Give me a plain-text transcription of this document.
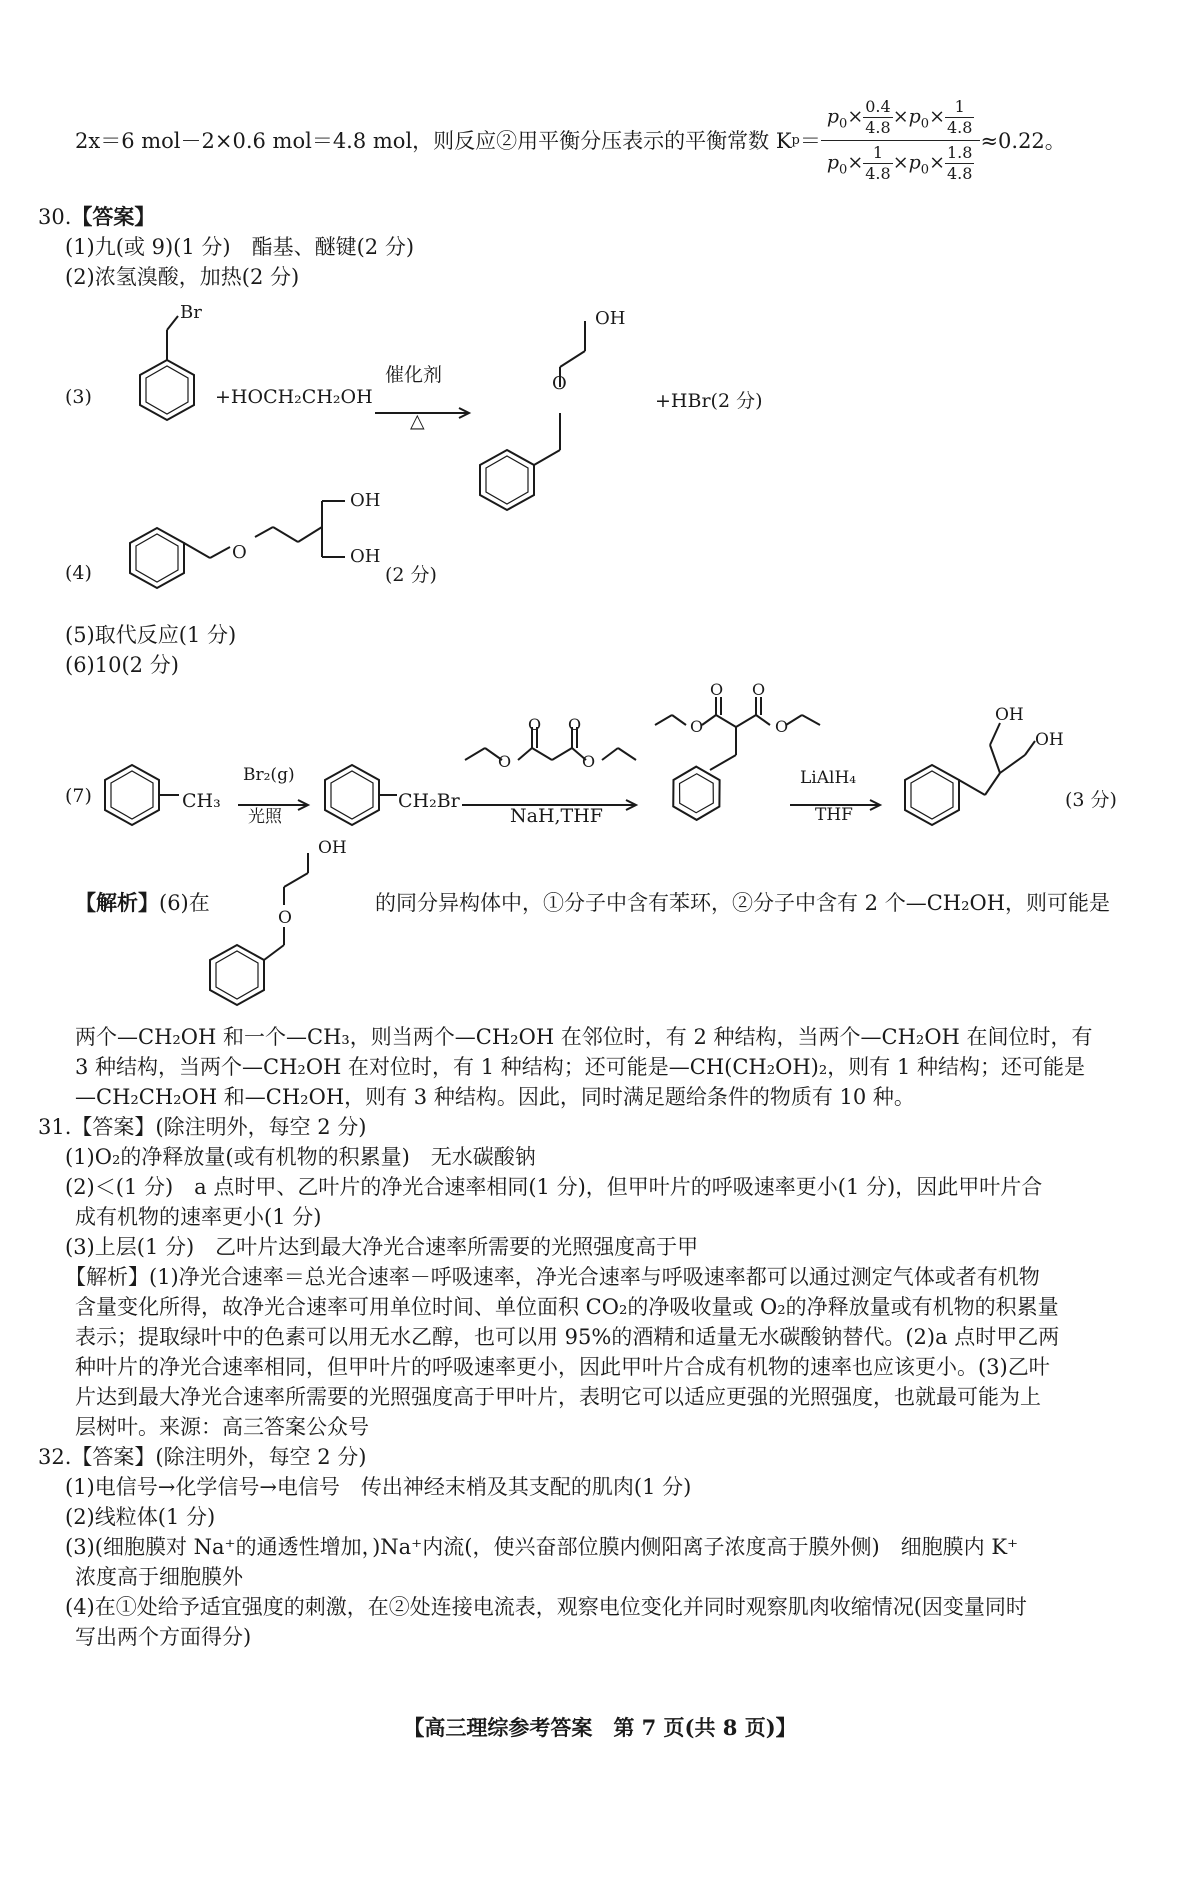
2x＝6 mol－2×0.6 mol＝4.8 mol，则反应②用平衡分压表示的平衡常数 K $p = \frac{p_0\times \frac{0.4}{4.8} \times p_0\times \frac{1}{4.8}}{p_0\times \frac{1}{4.8} \times p_0\times \frac{1.8}{4.8}} \approx 0.22$。
30.【答案】
(1)九(或 9)(1 分)　酯基、醚键(2 分)
(2)浓氢溴酸，加热(2 分)
(3)
Br
+HOCH₂CH₂OH
催化剂
△
O
OH
+HBr(2 分)
(4)
O
OH
OH
(2 分)
(5)取代反应(1 分)
(6)10(2 分)
(7)	CH₃
Br₂(g)
光照
CH₂Br
O O
O	O
NaH,THF
O O
O	O
LiAlH₄
THF
OH
OH
(3 分)
【解析】(6)在
O
OH
的同分异构体中，①分子中含有苯环，②分子中含有 2 个—CH₂OH，则可能是
两个—CH₂OH 和一个—CH₃，则当两个—CH₂OH 在邻位时，有 2 种结构，当两个—CH₂OH 在间位时，有
3 种结构，当两个—CH₂OH 在对位时，有 1 种结构；还可能是—CH(CH₂OH)₂，则有 1 种结构；还可能是
—CH₂CH₂OH 和—CH₂OH，则有 3 种结构。因此，同时满足题给条件的物质有 10 种。
31.【答案】(除注明外，每空 2 分)
(1)O₂的净释放量(或有机物的积累量)　无水碳酸钠
(2)＜(1 分)　a 点时甲、乙叶片的净光合速率相同(1 分)，但甲叶片的呼吸速率更小(1 分)，因此甲叶片合
成有机物的速率更小(1 分)
(3)上层(1 分)　乙叶片达到最大净光合速率所需要的光照强度高于甲
【解析】(1)净光合速率＝总光合速率－呼吸速率，净光合速率与呼吸速率都可以通过测定气体或者有机物
含量变化所得，故净光合速率可用单位时间、单位面积 CO₂的净吸收量或 O₂的净释放量或有机物的积累量
表示；提取绿叶中的色素可以用无水乙醇，也可以用 95%的酒精和适量无水碳酸钠替代。(2)a 点时甲乙两
种叶片的净光合速率相同，但甲叶片的呼吸速率更小，因此甲叶片合成有机物的速率也应该更小。(3)乙叶
片达到最大净光合速率所需要的光照强度高于甲叶片，表明它可以适应更强的光照强度，也就最可能为上
层树叶。来源：高三答案公众号
32.【答案】(除注明外，每空 2 分)
(1)电信号→化学信号→电信号　传出神经末梢及其支配的肌肉(1 分)
(2)线粒体(1 分)
(3)(细胞膜对 Na⁺的通透性增加，)Na⁺内流(，使兴奋部位膜内侧阳离子浓度高于膜外侧)　细胞膜内 K⁺
浓度高于细胞膜外
(4)在①处给予适宜强度的刺激，在②处连接电流表，观察电位变化并同时观察肌肉收缩情况(因变量同时
写出两个方面得分)
【高三理综参考答案　第 7 页(共 8 页)】
